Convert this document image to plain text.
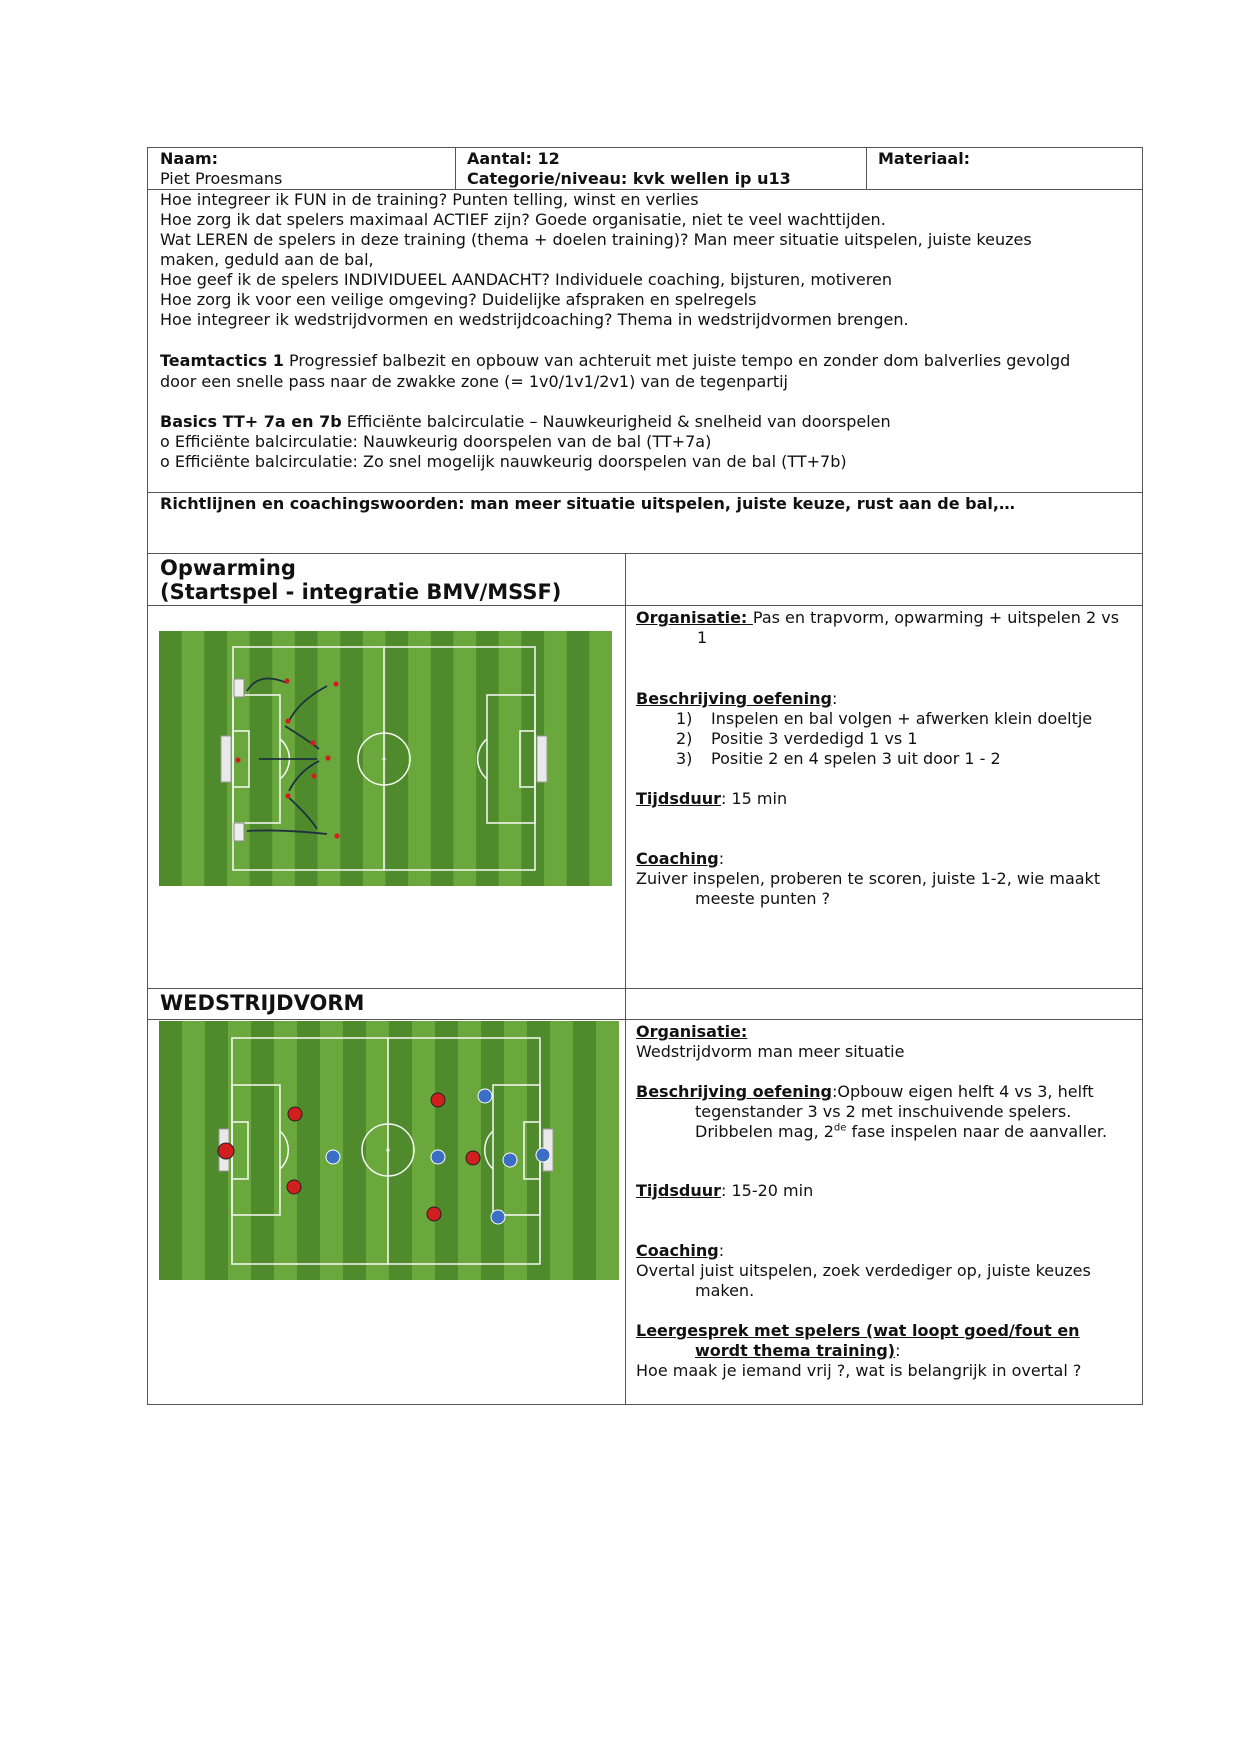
Naam:
Piet Proesmans
Aantal: 12
Categorie/niveau: kvk wellen ip u13
Materiaal:
Hoe integreer ik FUN in de training? Punten telling, winst en verlies
Hoe zorg ik dat spelers maximaal ACTIEF zijn? Goede organisatie, niet te veel wachttijden.
Wat LEREN de spelers in deze training (thema + doelen training)? Man meer situatie uitspelen, juiste keuzes
maken, geduld aan de bal,
Hoe geef ik de spelers INDIVIDUEEL AANDACHT? Individuele coaching, bijsturen, motiveren
Hoe zorg ik voor een veilige omgeving? Duidelijke afspraken en spelregels
Hoe integreer ik wedstrijdvormen en wedstrijdcoaching? Thema in wedstrijdvormen brengen.
Teamtactics 1 Progressief balbezit en opbouw van achteruit met juiste tempo en zonder dom balverlies gevolgd
door een snelle pass naar de zwakke zone (= 1v0/1v1/2v1) van de tegenpartij
Basics TT+ 7a en 7b Efficiënte balcirculatie – Nauwkeurigheid & snelheid van doorspelen
o Efficiënte balcirculatie: Nauwkeurig doorspelen van de bal (TT+7a)
o Efficiënte balcirculatie: Zo snel mogelijk nauwkeurig doorspelen van de bal (TT+7b)
Richtlijnen en coachingswoorden: man meer situatie uitspelen, juiste keuze, rust aan de bal,…
Opwarming
(Startspel - integratie BMV/MSSF)
Organisatie: Pas en trapvorm, opwarming + uitspelen 2 vs
1
Beschrijving oefening:
1) Inspelen en bal volgen + afwerken klein doeltje
2) Positie 3 verdedigd 1 vs 1
3) Positie 2 en 4 spelen 3 uit door 1 - 2
Tijdsduur: 15 min
Coaching:
Zuiver inspelen, proberen te scoren, juiste 1-2, wie maakt
meeste punten ?
WEDSTRIJDVORM
Organisatie:
Wedstrijdvorm man meer situatie
Beschrijving oefening:Opbouw eigen helft 4 vs 3, helft
tegenstander 3 vs 2 met inschuivende spelers.
Dribbelen mag, 2de fase inspelen naar de aanvaller.
Tijdsduur: 15-20 min
Coaching:
Overtal juist uitspelen, zoek verdediger op, juiste keuzes
maken.
Leergesprek met spelers (wat loopt goed/fout en
wordt thema training):
Hoe maak je iemand vrij ?, wat is belangrijk in overtal ?
